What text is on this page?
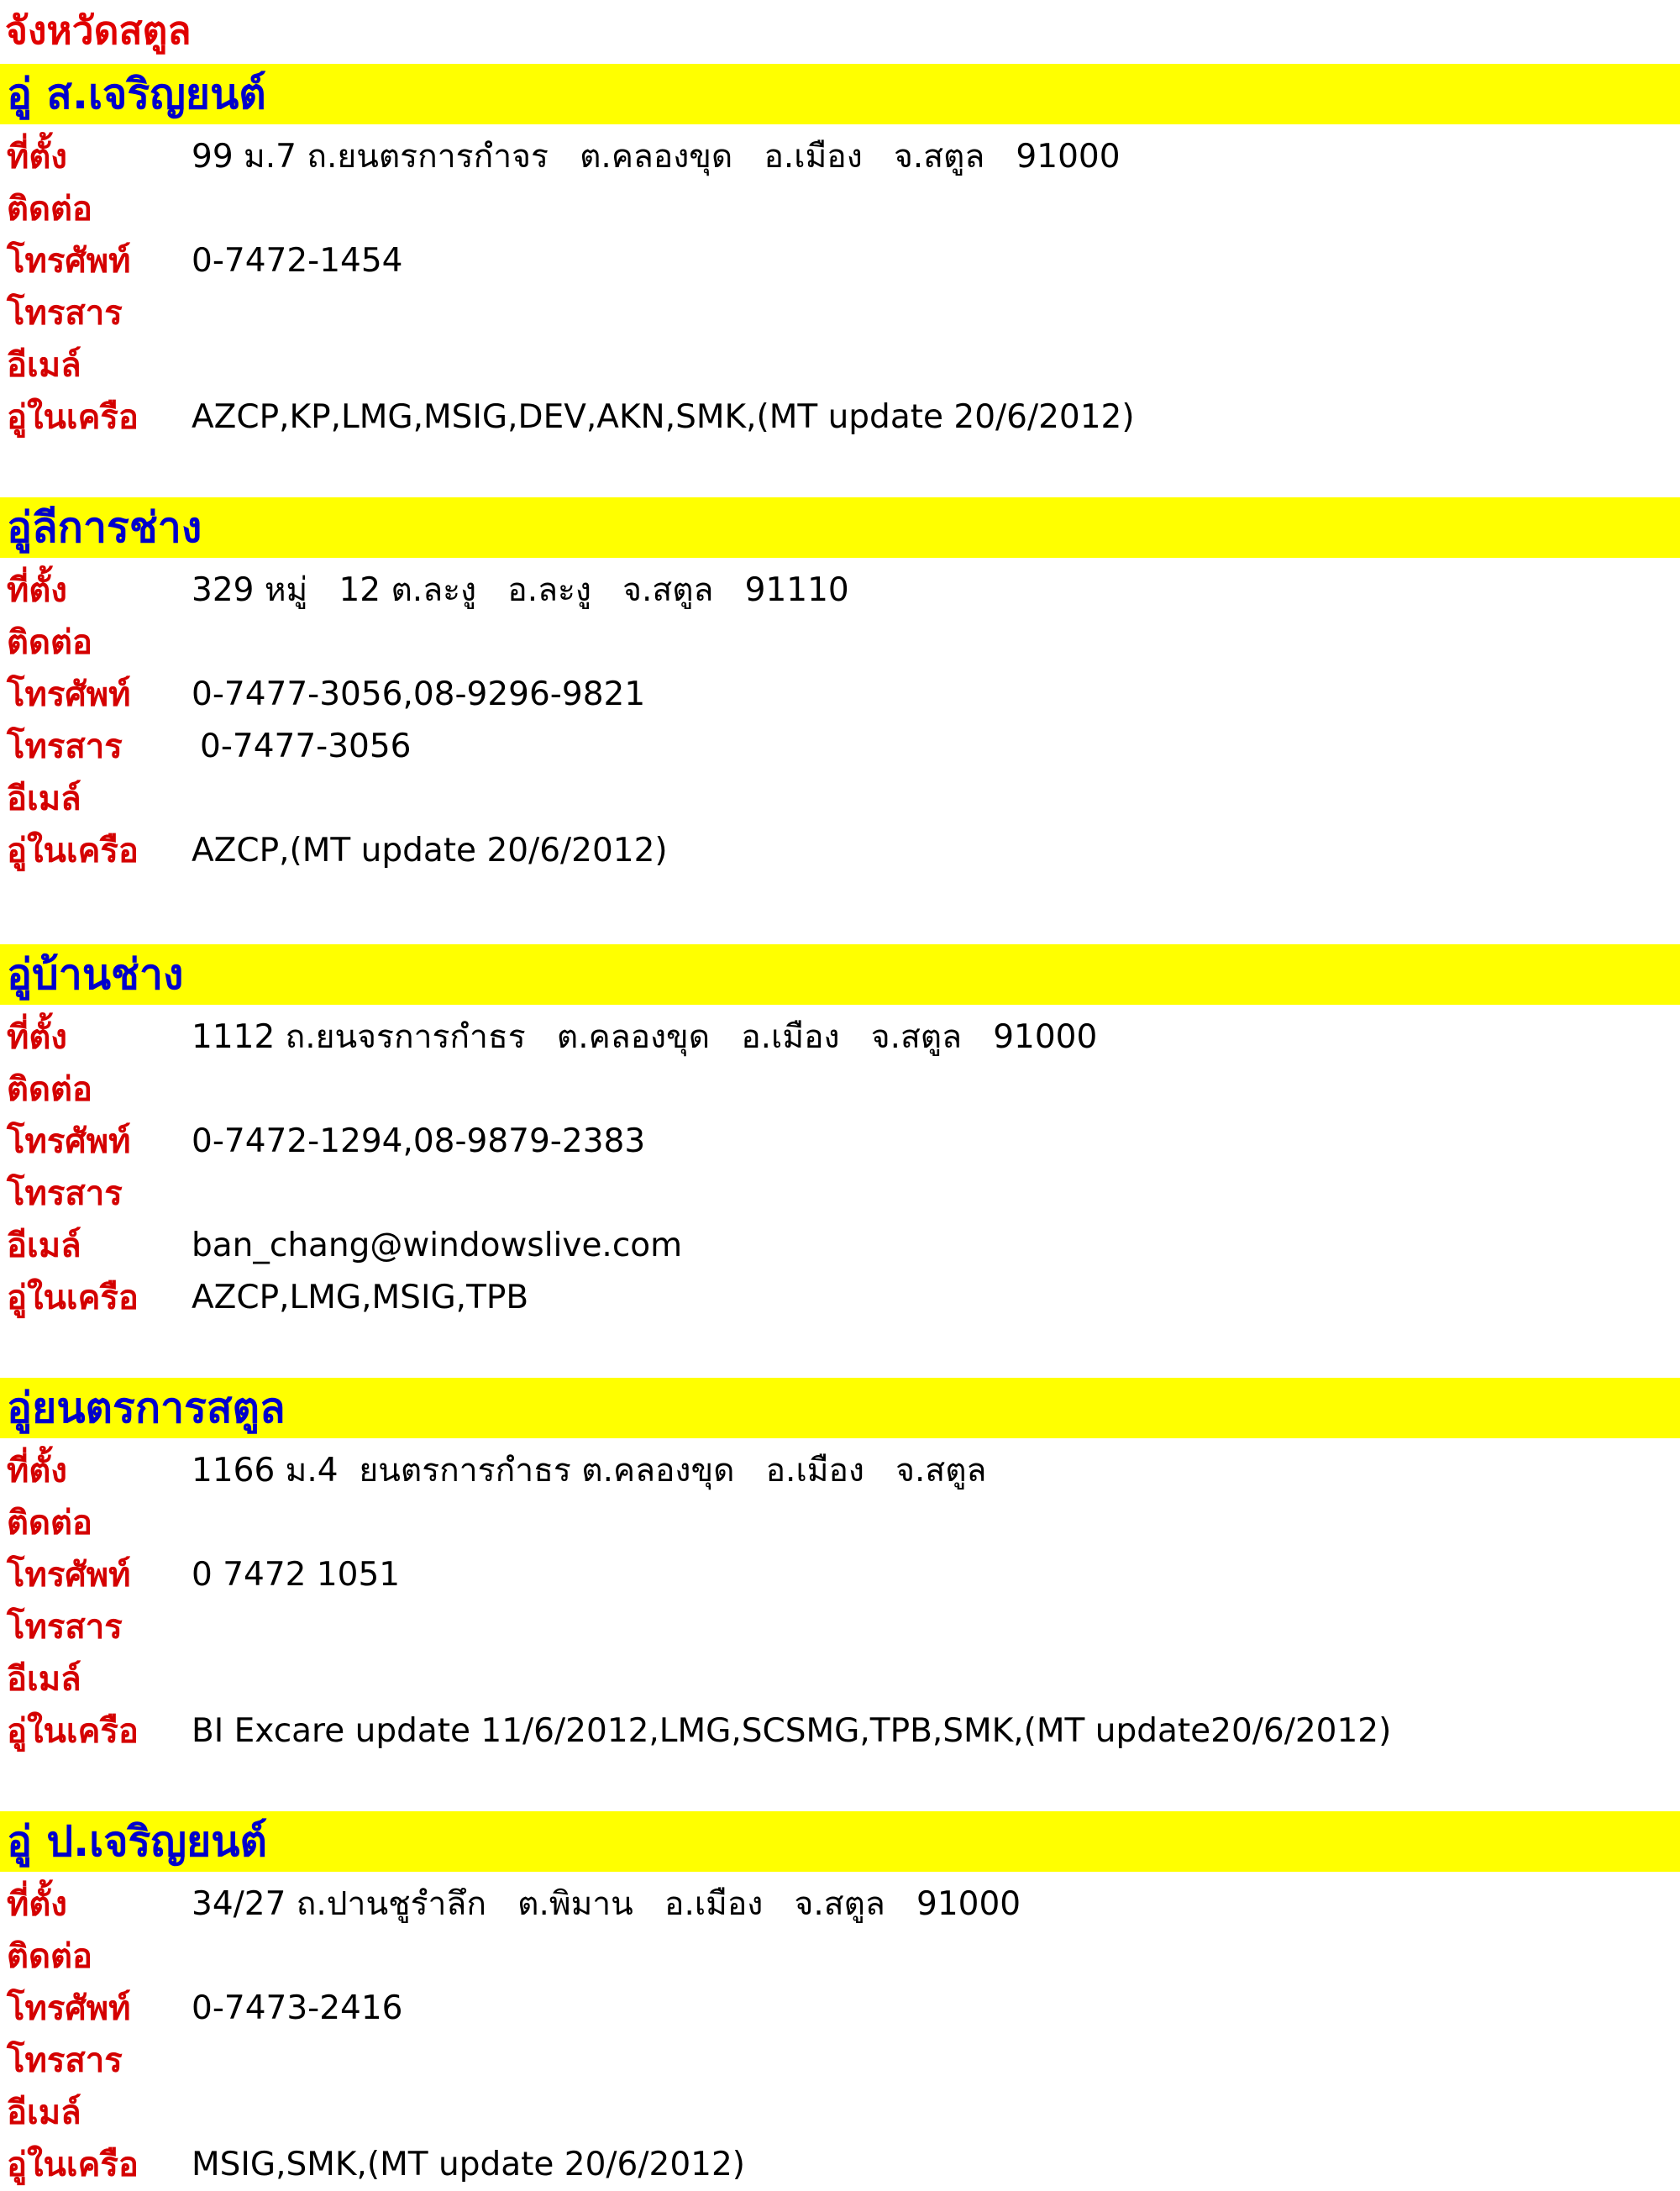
จังหวัดสตูล
อู่ ส.เจริญยนต์
ที่ตั้ง	99 ม.7 ถ.ยนตรการกำจร   ต.คลองขุด   อ.เมือง   จ.สตูล   91000
ติดต่อ
โทรศัพท์ 0-7472-1454
โทรสาร
อีเมล์
อู่ในเครือ AZCP,KP,LMG,MSIG,DEV,AKN,SMK,(MT update 20/6/2012)
อู่ลีการช่าง
ที่ตั้ง	329 หมู่   12 ต.ละงู   อ.ละงู   จ.สตูล   91110
ติดต่อ
โทรศัพท์ 0-7477-3056,08-9296-9821
โทรสาร 0-7477-3056
อีเมล์
อู่ในเครือ AZCP,(MT update 20/6/2012)
อู่บ้านช่าง
ที่ตั้ง	1112 ถ.ยนจรการกำธร   ต.คลองขุด   อ.เมือง   จ.สตูล   91000
ติดต่อ
โทรศัพท์ 0-7472-1294,08-9879-2383
โทรสาร
อีเมล์	ban_chang@windowslive.com
อู่ในเครือ AZCP,LMG,MSIG,TPB
อู่ยนตรการสตูล
ที่ตั้ง	1166 ม.4  ยนตรการกำธร ต.คลองขุด   อ.เมือง   จ.สตูล
ติดต่อ
โทรศัพท์ 0 7472 1051
โทรสาร
อีเมล์
อู่ในเครือ BI Excare update 11/6/2012,LMG,SCSMG,TPB,SMK,(MT update20/6/2012)
อู่ ป.เจริญยนต์
ที่ตั้ง	34/27 ถ.ปานชูรำลึก   ต.พิมาน   อ.เมือง   จ.สตูล   91000
ติดต่อ
โทรศัพท์ 0-7473-2416
โทรสาร
อีเมล์
อู่ในเครือ MSIG,SMK,(MT update 20/6/2012)
